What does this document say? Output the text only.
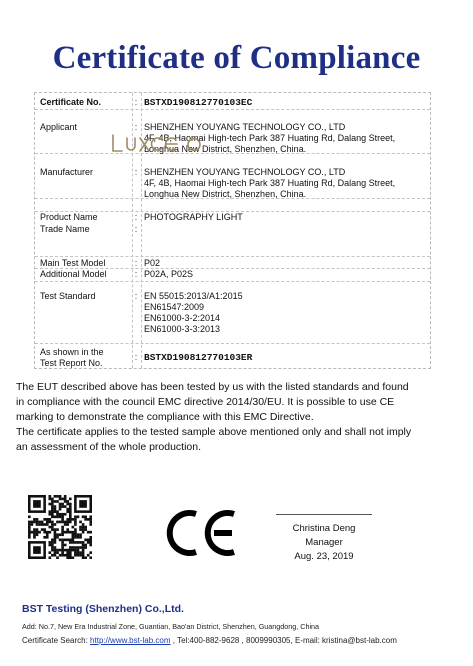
Certificate of Compliance
Certificate No.	: BSTXD190812770103EC
Applicant	: SHENZHEN YOUYANG TECHNOLOGY CO., LTD
4F, 4B, Haomai High-tech Park 387 Huating Rd, Dalang Street,
Longhua New District, Shenzhen, China.
Manufacturer	: SHENZHEN YOUYANG TECHNOLOGY CO., LTD
4F, 4B, Haomai High-tech Park 387 Huating Rd, Dalang Street,
Longhua New District, Shenzhen, China.
Product Name	: PHOTOGRAPHY LIGHT
Trade Name	:
Main Test Model	: P02
Additional Model	: P02A, P02S
Test Standard	: EN 55015:2013/A1:2015
EN61547:2009
EN61000-3-2:2014
EN61000-3-3:2013
As shown in the
Test Report No.
: BSTXD190812770103ER
The EUT described above has been tested by us with the listed standards and found
in compliance with the council EMC directive 2014/30/EU. It is possible to use CE
marking to demonstrate the compliance with this EMC Directive.
The certificate applies to the tested sample above mentioned only and shall not imply
an assessment of the whole production.
Christina Deng
Manager
Aug. 23, 2019
BST Testing (Shenzhen) Co.,Ltd.
Add: No.7, New Era Industrial Zone, Guantian, Bao'an District, Shenzhen, Guangdong, China
Certificate Search: http://www.bst-lab.com , Tel:400-882-9628 , 8009990305, E-mail: kristina@bst-lab.com
